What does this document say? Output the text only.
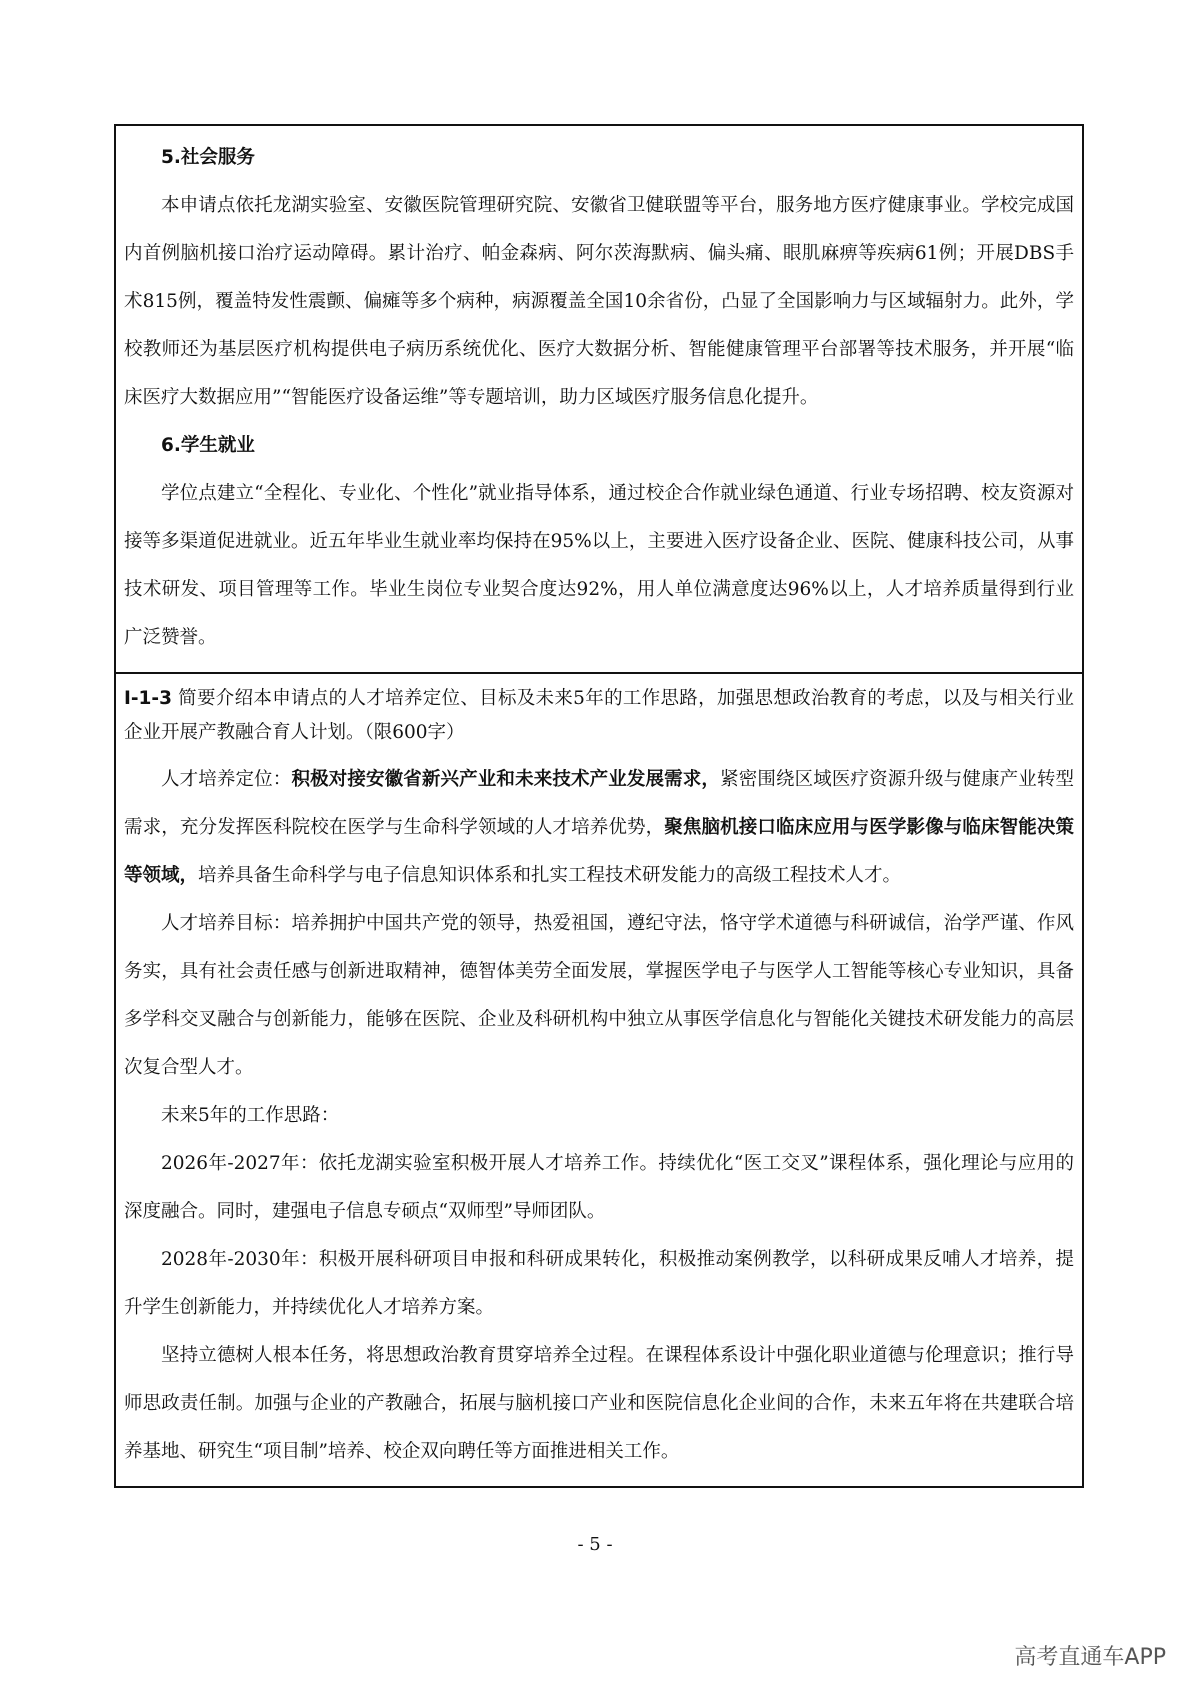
5.社会服务

本申请点依托龙湖实验室、安徽医院管理研究院、安徽省卫健联盟等平台，服务地方医疗健康事业。学校完成国内首例脑机接口治疗运动障碍。累计治疗、帕金森病、阿尔茨海默病、偏头痛、眼肌麻痹等疾病61例；开展DBS手术815例，覆盖特发性震颤、偏瘫等多个病种，病源覆盖全国10余省份，凸显了全国影响力与区域辐射力。此外，学校教师还为基层医疗机构提供电子病历系统优化、医疗大数据分析、智能健康管理平台部署等技术服务，并开展“临床医疗大数据应用”“智能医疗设备运维”等专题培训，助力区域医疗服务信息化提升。

6.学生就业

学位点建立“全程化、专业化、个性化”就业指导体系，通过校企合作就业绿色通道、行业专场招聘、校友资源对接等多渠道促进就业。近五年毕业生就业率均保持在95%以上，主要进入医疗设备企业、医院、健康科技公司，从事技术研发、项目管理等工作。毕业生岗位专业契合度达92%，用人单位满意度达96%以上，人才培养质量得到行业广泛赞誉。

I-1-3 简要介绍本申请点的人才培养定位、目标及未来5年的工作思路，加强思想政治教育的考虑，以及与相关行业企业开展产教融合育人计划。（限600字）

人才培养定位：积极对接安徽省新兴产业和未来技术产业发展需求，紧密围绕区域医疗资源升级与健康产业转型需求，充分发挥医科院校在医学与生命科学领域的人才培养优势，聚焦脑机接口临床应用与医学影像与临床智能决策等领域，培养具备生命科学与电子信息知识体系和扎实工程技术研发能力的高级工程技术人才。

人才培养目标：培养拥护中国共产党的领导，热爱祖国，遵纪守法，恪守学术道德与科研诚信，治学严谨、作风务实，具有社会责任感与创新进取精神，德智体美劳全面发展，掌握医学电子与医学人工智能等核心专业知识，具备多学科交叉融合与创新能力，能够在医院、企业及科研机构中独立从事医学信息化与智能化关键技术研发能力的高层次复合型人才。

未来5年的工作思路：

2026年-2027年：依托龙湖实验室积极开展人才培养工作。持续优化“医工交叉”课程体系，强化理论与应用的深度融合。同时，建强电子信息专硕点“双师型”导师团队。

2028年-2030年：积极开展科研项目申报和科研成果转化，积极推动案例教学，以科研成果反哺人才培养，提升学生创新能力，并持续优化人才培养方案。

坚持立德树人根本任务，将思想政治教育贯穿培养全过程。在课程体系设计中强化职业道德与伦理意识；推行导师思政责任制。加强与企业的产教融合，拓展与脑机接口产业和医院信息化企业间的合作，未来五年将在共建联合培养基地、研究生“项目制”培养、校企双向聘任等方面推进相关工作。

- 5 -
高考直通车APP
